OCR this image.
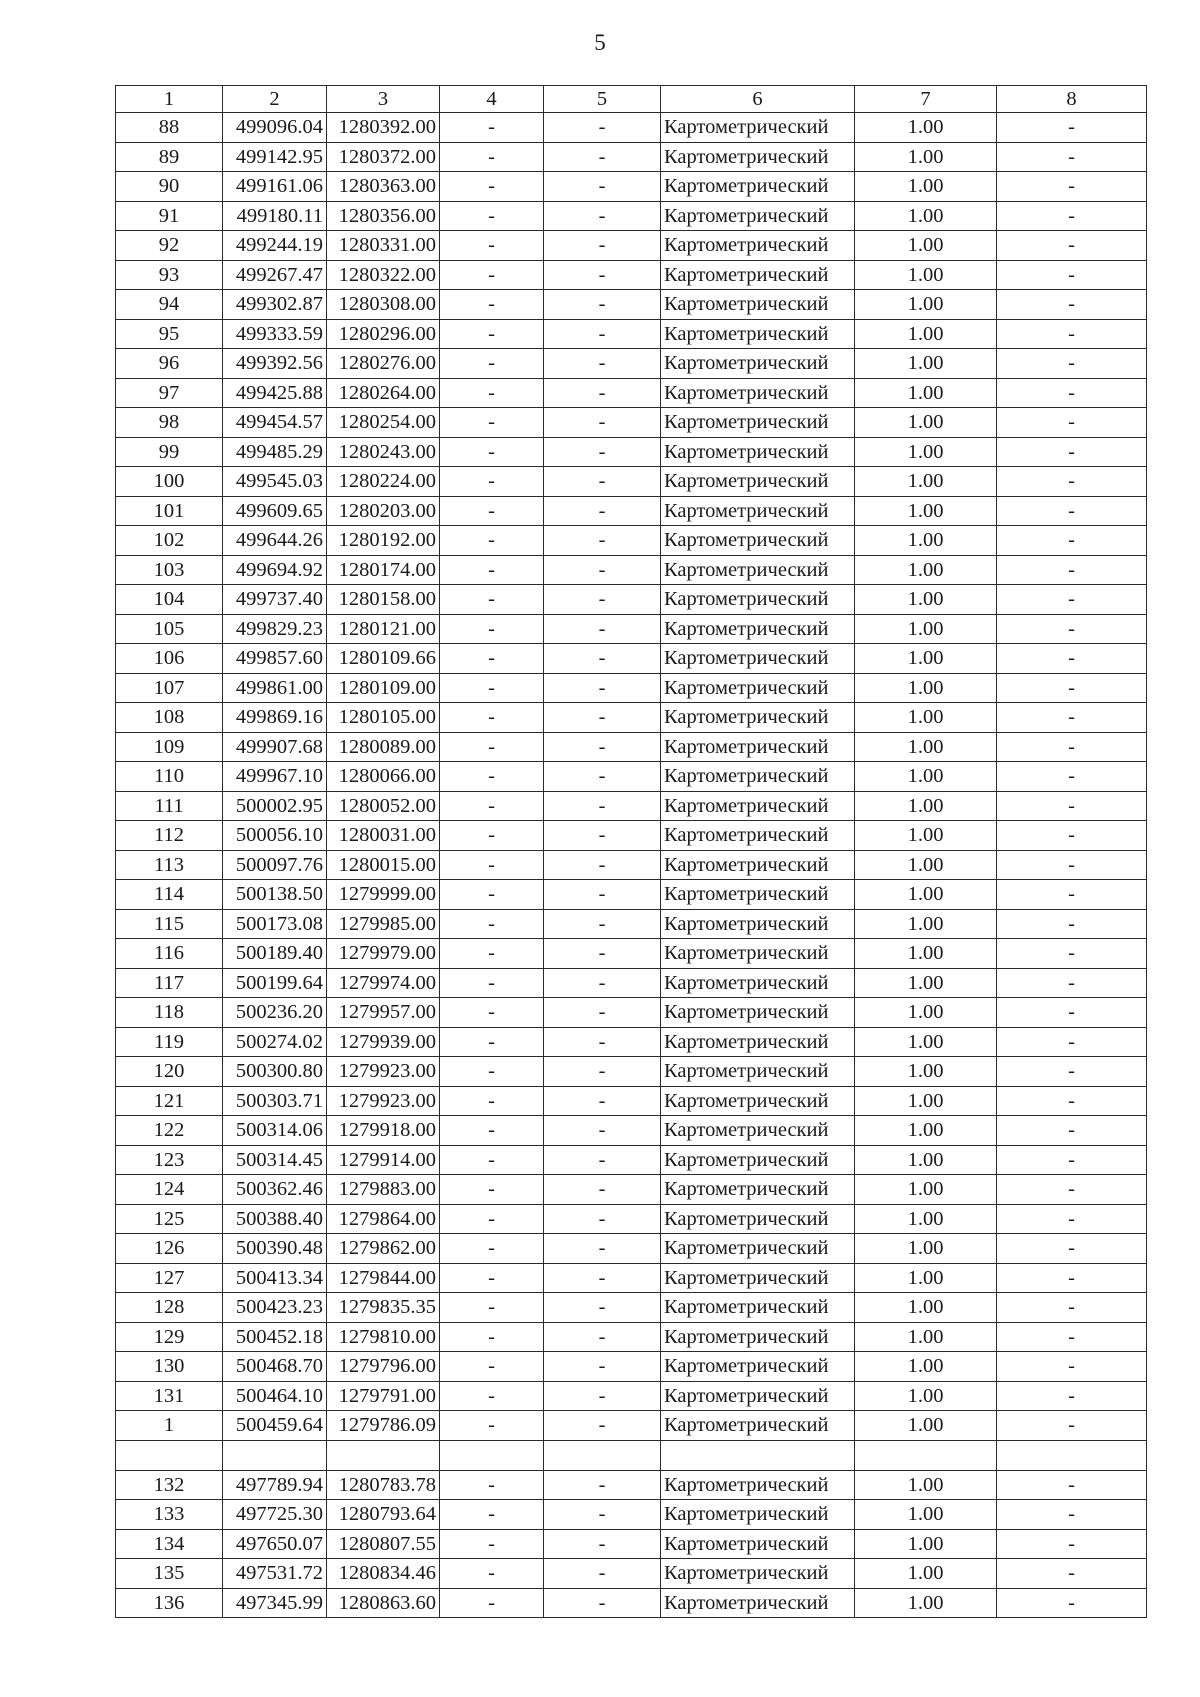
5
1	2	3	4	5	6	7	8
88	499096.04	1280392.00	-	-	Картометрический	1.00	-
89	499142.95	1280372.00	-	-	Картометрический	1.00	-
90	499161.06	1280363.00	-	-	Картометрический	1.00	-
91	499180.11	1280356.00	-	-	Картометрический	1.00	-
92	499244.19	1280331.00	-	-	Картометрический	1.00	-
93	499267.47	1280322.00	-	-	Картометрический	1.00	-
94	499302.87	1280308.00	-	-	Картометрический	1.00	-
95	499333.59	1280296.00	-	-	Картометрический	1.00	-
96	499392.56	1280276.00	-	-	Картометрический	1.00	-
97	499425.88	1280264.00	-	-	Картометрический	1.00	-
98	499454.57	1280254.00	-	-	Картометрический	1.00	-
99	499485.29	1280243.00	-	-	Картометрический	1.00	-
100	499545.03	1280224.00	-	-	Картометрический	1.00	-
101	499609.65	1280203.00	-	-	Картометрический	1.00	-
102	499644.26	1280192.00	-	-	Картометрический	1.00	-
103	499694.92	1280174.00	-	-	Картометрический	1.00	-
104	499737.40	1280158.00	-	-	Картометрический	1.00	-
105	499829.23	1280121.00	-	-	Картометрический	1.00	-
106	499857.60	1280109.66	-	-	Картометрический	1.00	-
107	499861.00	1280109.00	-	-	Картометрический	1.00	-
108	499869.16	1280105.00	-	-	Картометрический	1.00	-
109	499907.68	1280089.00	-	-	Картометрический	1.00	-
110	499967.10	1280066.00	-	-	Картометрический	1.00	-
111	500002.95	1280052.00	-	-	Картометрический	1.00	-
112	500056.10	1280031.00	-	-	Картометрический	1.00	-
113	500097.76	1280015.00	-	-	Картометрический	1.00	-
114	500138.50	1279999.00	-	-	Картометрический	1.00	-
115	500173.08	1279985.00	-	-	Картометрический	1.00	-
116	500189.40	1279979.00	-	-	Картометрический	1.00	-
117	500199.64	1279974.00	-	-	Картометрический	1.00	-
118	500236.20	1279957.00	-	-	Картометрический	1.00	-
119	500274.02	1279939.00	-	-	Картометрический	1.00	-
120	500300.80	1279923.00	-	-	Картометрический	1.00	-
121	500303.71	1279923.00	-	-	Картометрический	1.00	-
122	500314.06	1279918.00	-	-	Картометрический	1.00	-
123	500314.45	1279914.00	-	-	Картометрический	1.00	-
124	500362.46	1279883.00	-	-	Картометрический	1.00	-
125	500388.40	1279864.00	-	-	Картометрический	1.00	-
126	500390.48	1279862.00	-	-	Картометрический	1.00	-
127	500413.34	1279844.00	-	-	Картометрический	1.00	-
128	500423.23	1279835.35	-	-	Картометрический	1.00	-
129	500452.18	1279810.00	-	-	Картометрический	1.00	-
130	500468.70	1279796.00	-	-	Картометрический	1.00	-
131	500464.10	1279791.00	-	-	Картометрический	1.00	-
1	500459.64	1279786.09	-	-	Картометрический	1.00	-

132	497789.94	1280783.78	-	-	Картометрический	1.00	-
133	497725.30	1280793.64	-	-	Картометрический	1.00	-
134	497650.07	1280807.55	-	-	Картометрический	1.00	-
135	497531.72	1280834.46	-	-	Картометрический	1.00	-
136	497345.99	1280863.60	-	-	Картометрический	1.00	-
